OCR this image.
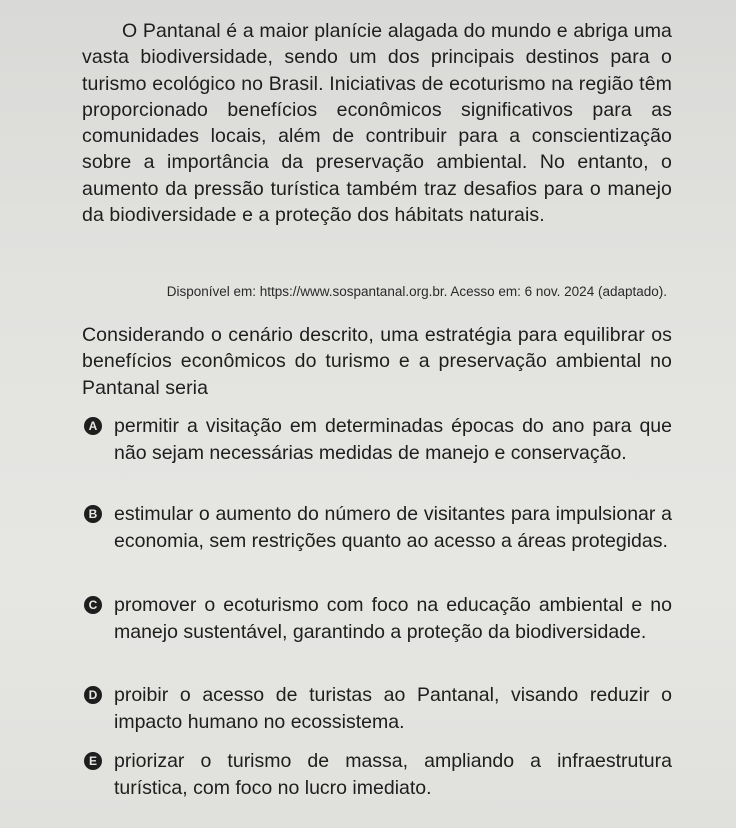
O Pantanal é a maior planície alagada do mundo e abriga uma vasta biodiversidade, sendo um dos principais destinos para o turismo ecológico no Brasil. Iniciativas de ecoturismo na região têm proporcionado benefícios econômicos significativos para as comunidades locais, além de contribuir para a conscientização sobre a importância da preservação ambiental. No entanto, o aumento da pressão turística também traz desafios para o manejo da biodiversidade e a proteção dos hábitats naturais.

Disponível em: https://www.sospantanal.org.br. Acesso em: 6 nov. 2024 (adaptado).

Considerando o cenário descrito, uma estratégia para equilibrar os benefícios econômicos do turismo e a preservação ambiental no Pantanal seria

A permitir a visitação em determinadas épocas do ano para que não sejam necessárias medidas de manejo e conservação.
B estimular o aumento do número de visitantes para impulsionar a economia, sem restrições quanto ao acesso a áreas protegidas.
C promover o ecoturismo com foco na educação ambiental e no manejo sustentável, garantindo a proteção da biodiversidade.
D proibir o acesso de turistas ao Pantanal, visando reduzir o impacto humano no ecossistema.
E priorizar o turismo de massa, ampliando a infraestrutura turística, com foco no lucro imediato.
